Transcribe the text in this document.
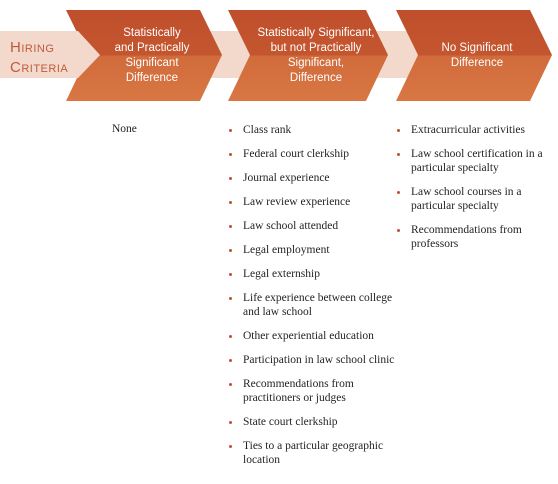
Hiring
Criteria
Statistically
and Practically
Significant
Difference
Statistically Significant,
but not Practically
Significant,
Difference
No Significant
Difference
None	Class rank
Federal court clerkship
Journal experience
Law review experience
Law school attended
Legal employment
Legal externship
Life experience between college and law school
Other experiential education
Participation in law school clinic
Recommendations from practitioners or judges
State court clerkship
Ties to a particular geographic location
Extracurricular activities
Law school certification in a particular specialty
Law school courses in a particular specialty
Recommendations from professors
